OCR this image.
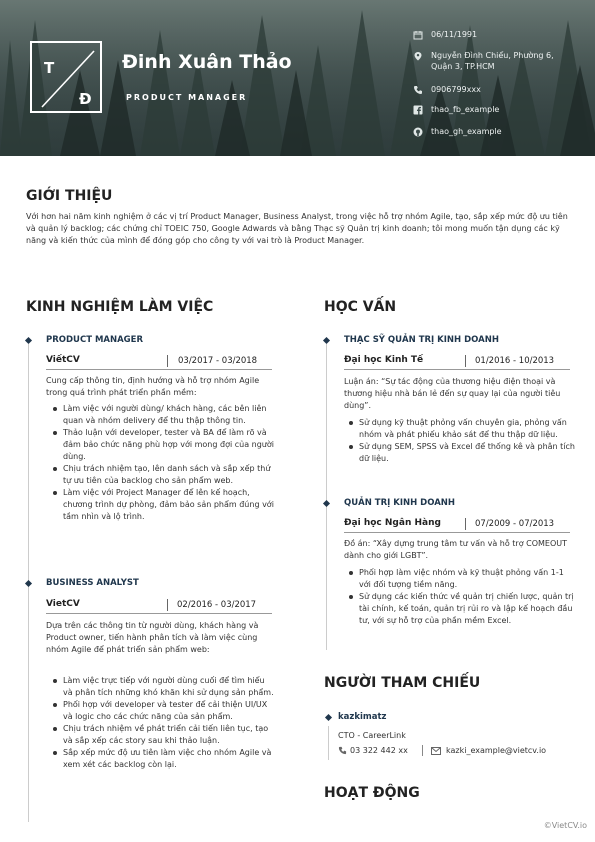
T
Đ
Đinh Xuân Thảo
PRODUCT MANAGER
06/11/1991
Nguyễn Đình Chiểu, Phường 6, Quận 3, TP.HCM
0906799xxx
thao_fb_example
thao_gh_example
GIỚI THIỆU
Với hơn hai năm kinh nghiệm ở các vị trí Product Manager, Business Analyst, trong việc hỗ trợ nhóm Agile, tạo, sắp xếp mức độ ưu tiên và quản lý backlog; các chứng chỉ TOEIC 750, Google Adwards và bằng Thạc sỹ Quản trị kinh doanh; tôi mong muốn tận dụng các kỹ năng và kiến thức của mình để đóng góp cho công ty với vai trò là Product Manager.
KINH NGHIỆM LÀM VIỆC
PRODUCT MANAGER
ViếtCV	03/2017 - 03/2018
Cung cấp thông tin, định hướng và hỗ trợ nhóm Agile trong quá trình phát triển phần mềm:
Làm việc với người dùng/ khách hàng, các bên liên quan và nhóm delivery để thu thập thông tin.
Thảo luận với developer, tester và BA để làm rõ và đảm bảo chức năng phù hợp với mong đợi của người dùng.
Chịu trách nhiệm tạo, lên danh sách và sắp xếp thứ tự ưu tiên của backlog cho sản phẩm web.
Làm việc với Project Manager để lên kế hoạch, chương trình dự phòng, đảm bảo sản phẩm đúng với tầm nhìn và lộ trình.
BUSINESS ANALYST
VietCV	02/2016 - 03/2017
Dựa trên các thông tin từ người dùng, khách hàng và Product owner, tiến hành phân tích và làm việc cùng nhóm Agile để phát triển sản phẩm web:
Làm việc trực tiếp với người dùng cuối để tìm hiểu và phân tích những khó khăn khi sử dụng sản phẩm.
Phối hợp với developer và tester để cải thiện UI/UX và logic cho các chức năng của sản phẩm.
Chịu trách nhiệm về phát triển cải tiến liên tục, tạo và sắp xếp các story sau khi thảo luận.
Sắp xếp mức độ ưu tiên làm việc cho nhóm Agile và xem xét các backlog còn lại.
HỌC VẤN
THẠC SỸ QUẢN TRỊ KINH DOANH
Đại học Kinh Tế	01/2016 - 10/2013
Luận án: “Sự tác động của thương hiệu điện thoại và thương hiệu nhà bán lẻ đến sự quay lại của người tiêu dùng”.
Sử dụng kỹ thuật phỏng vấn chuyên gia, phỏng vấn nhóm và phát phiếu khảo sát để thu thập dữ liệu.
Sử dụng SEM, SPSS và Excel để thống kê và phân tích dữ liệu.
QUẢN TRỊ KINH DOANH
Đại học Ngân Hàng	07/2009 - 07/2013
Đồ án: “Xây dựng trung tâm tư vấn và hỗ trợ COMEOUT dành cho giới LGBT”.
Phối hợp làm việc nhóm và kỹ thuật phỏng vấn 1-1 với đối tượng tiềm năng.
Sử dụng các kiến thức về quản trị chiến lược, quản trị tài chính, kế toán, quản trị rủi ro và lập kế hoạch đầu tư, với sự hỗ trợ của phần mềm Excel.
NGƯỜI THAM CHIẾU
kazkimatz
CTO - CareerLink
03 322 442 xx	kazki_example@vietcv.io
HOẠT ĐỘNG
©VietCV.io
